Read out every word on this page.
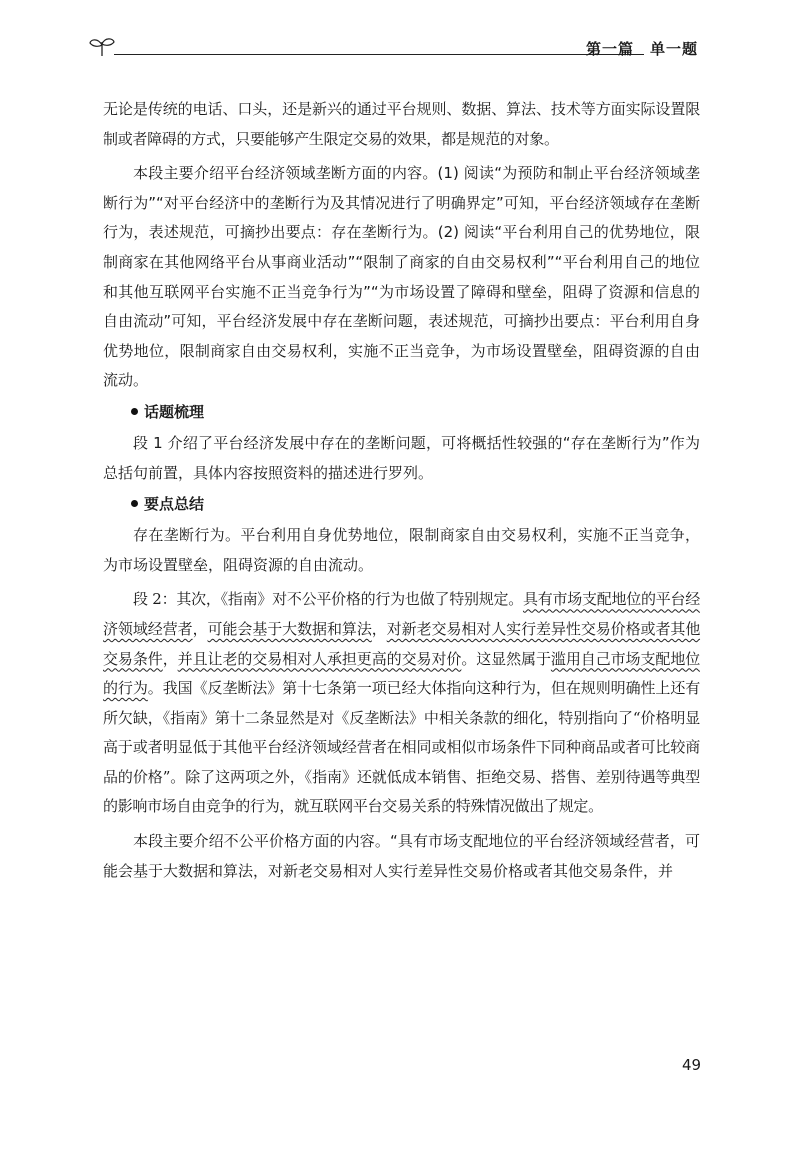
第一篇　单一题

无论是传统的电话、口头，还是新兴的通过平台规则、数据、算法、技术等方面实际设置限制或者障碍的方式，只要能够产生限定交易的效果，都是规范的对象。

本段主要介绍平台经济领域垄断方面的内容。(1) 阅读“为预防和制止平台经济领域垄断行为”“对平台经济中的垄断行为及其情况进行了明确界定”可知，平台经济领域存在垄断行为，表述规范，可摘抄出要点：存在垄断行为。(2) 阅读“平台利用自己的优势地位，限制商家在其他网络平台从事商业活动”“限制了商家的自由交易权利”“平台利用自己的地位和其他互联网平台实施不正当竞争行为”“为市场设置了障碍和壁垒，阻碍了资源和信息的自由流动”可知，平台经济发展中存在垄断问题，表述规范，可摘抄出要点：平台利用自身优势地位，限制商家自由交易权利，实施不正当竞争，为市场设置壁垒，阻碍资源的自由流动。

话题梳理

段 1 介绍了平台经济发展中存在的垄断问题，可将概括性较强的“存在垄断行为”作为总括句前置，具体内容按照资料的描述进行罗列。

要点总结

存在垄断行为。平台利用自身优势地位，限制商家自由交易权利，实施不正当竞争，为市场设置壁垒，阻碍资源的自由流动。

段 2：其次，《指南》对不公平价格的行为也做了特别规定。具有市场支配地位的平台经济领域经营者，可能会基于大数据和算法，对新老交易相对人实行差异性交易价格或者其他交易条件，并且让老的交易相对人承担更高的交易对价。这显然属于滥用自己市场支配地位的行为。我国《反垄断法》第十七条第一项已经大体指向这种行为，但在规则明确性上还有所欠缺，《指南》第十二条显然是对《反垄断法》中相关条款的细化，特别指向了“价格明显高于或者明显低于其他平台经济领域经营者在相同或相似市场条件下同种商品或者可比较商品的价格”。除了这两项之外，《指南》还就低成本销售、拒绝交易、搭售、差别待遇等典型的影响市场自由竞争的行为，就互联网平台交易关系的特殊情况做出了规定。

本段主要介绍不公平价格方面的内容。“具有市场支配地位的平台经济领域经营者，可能会基于大数据和算法，对新老交易相对人实行差异性交易价格或者其他交易条件，并

49
